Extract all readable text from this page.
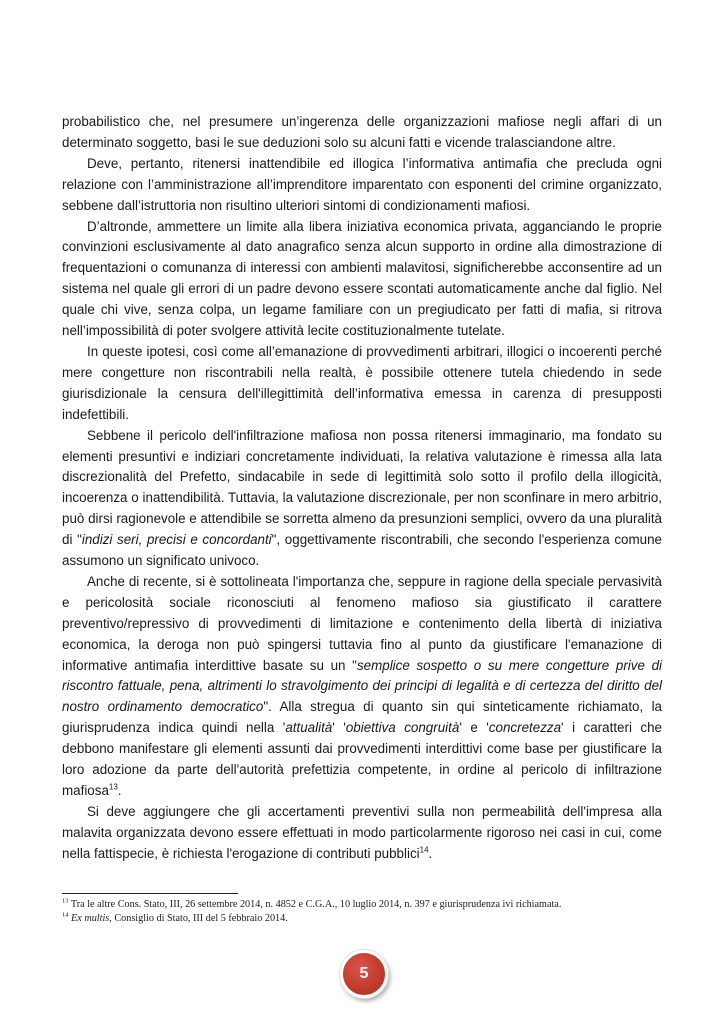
probabilistico che, nel presumere un’ingerenza delle organizzazioni mafiose negli affari di un determinato soggetto, basi le sue deduzioni solo su alcuni fatti e vicende tralasciandone altre.

Deve, pertanto, ritenersi inattendibile ed illogica l’informativa antimafia che precluda ogni relazione con l’amministrazione all’imprenditore imparentato con esponenti del crimine organizzato, sebbene dall’istruttoria non risultino ulteriori sintomi di condizionamenti mafiosi.

D’altronde, ammettere un limite alla libera iniziativa economica privata, agganciando le proprie convinzioni esclusivamente al dato anagrafico senza alcun supporto in ordine alla dimostrazione di frequentazioni o comunanza di interessi con ambienti malavitosi, significherebbe acconsentire ad un sistema nel quale gli errori di un padre devono essere scontati automaticamente anche dal figlio. Nel quale chi vive, senza colpa, un legame familiare con un pregiudicato per fatti di mafia, si ritrova nell’impossibilità di poter svolgere attività lecite costituzionalmente tutelate.

In queste ipotesi, così come all’emanazione di provvedimenti arbitrari, illogici o incoerenti perché mere congetture non riscontrabili nella realtà, è possibile ottenere tutela chiedendo in sede giurisdizionale la censura dell'illegittimità dell’informativa emessa in carenza di presupposti indefettibili.

Sebbene il pericolo dell'infiltrazione mafiosa non possa ritenersi immaginario, ma fondato su elementi presuntivi e indiziari concretamente individuati, la relativa valutazione è rimessa alla lata discrezionalità del Prefetto, sindacabile in sede di legittimità solo sotto il profilo della illogicità, incoerenza o inattendibilità. Tuttavia, la valutazione discrezionale, per non sconfinare in mero arbitrio, può dirsi ragionevole e attendibile se sorretta almeno da presunzioni semplici, ovvero da una pluralità di "indizi seri, precisi e concordanti", oggettivamente riscontrabili, che secondo l'esperienza comune assumono un significato univoco.

Anche di recente, si è sottolineata l'importanza che, seppure in ragione della speciale pervasività e pericolosità sociale riconosciuti al fenomeno mafioso sia giustificato il carattere preventivo/repressivo di provvedimenti di limitazione e contenimento della libertà di iniziativa economica, la deroga non può spingersi tuttavia fino al punto da giustificare l'emanazione di informative antimafia interdittive basate su un "semplice sospetto o su mere congetture prive di riscontro fattuale, pena, altrimenti lo stravolgimento dei principi di legalità e di certezza del diritto del nostro ordinamento democratico". Alla stregua di quanto sin qui sinteticamente richiamato, la giurisprudenza indica quindi nella 'attualità' 'obiettiva congruità' e 'concretezza' i caratteri che debbono manifestare gli elementi assunti dai provvedimenti interdittivi come base per giustificare la loro adozione da parte dell'autorità prefettizia competente, in ordine al pericolo di infiltrazione mafiosa$^{13}$.

Si deve aggiungere che gli accertamenti preventivi sulla non permeabilità dell'impresa alla malavita organizzata devono essere effettuati in modo particolarmente rigoroso nei casi in cui, come nella fattispecie, è richiesta l'erogazione di contributi pubblici$^{14}$.

$^{13}$ Tra le altre Cons. Stato, III, 26 settembre 2014, n. 4852 e C.G.A., 10 luglio 2014, n. 397 e giurisprudenza ivi richiamata.

$^{14}$ Ex multis, Consiglio di Stato, III del 5 febbraio 2014.

5
